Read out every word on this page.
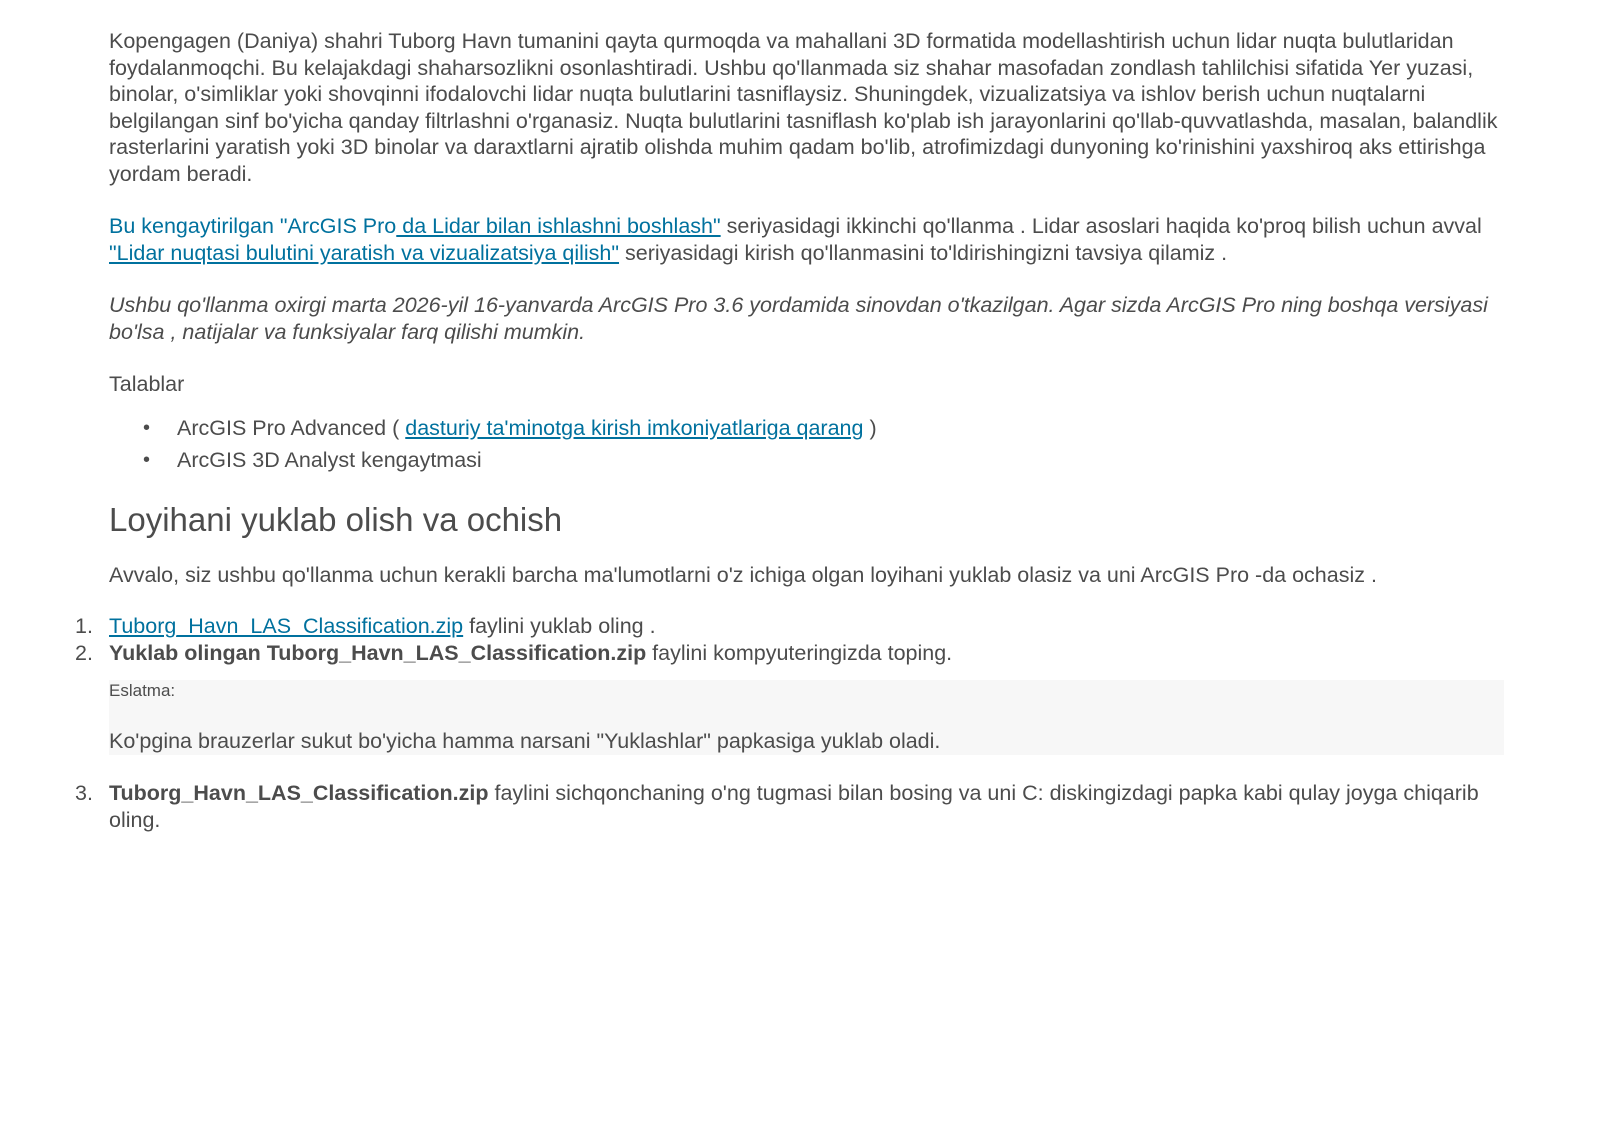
Kopengagen (Daniya) shahri Tuborg Havn tumanini qayta qurmoqda va mahallani 3D formatida modellashtirish uchun lidar nuqta bulutlaridan foydalanmoqchi. Bu kelajakdagi shaharsozlikni osonlashtiradi. Ushbu qo'llanmada siz shahar masofadan zondlash tahlilchisi sifatida Yer yuzasi, binolar, o'simliklar yoki shovqinni ifodalovchi lidar nuqta bulutlarini tasniflaysiz. Shuningdek, vizualizatsiya va ishlov berish uchun nuqtalarni belgilangan sinf bo'yicha qanday filtrlashni o'rganasiz. Nuqta bulutlarini tasniflash ko'plab ish jarayonlarini qo'llab-quvvatlashda, masalan, balandlik rasterlarini yaratish yoki 3D binolar va daraxtlarni ajratib olishda muhim qadam bo'lib, atrofimizdagi dunyoning ko'rinishini yaxshiroq aks ettirishga yordam beradi.

Bu kengaytirilgan "ArcGIS Pro da Lidar bilan ishlashni boshlash" seriyasidagi ikkinchi qo'llanma . Lidar asoslari haqida ko'proq bilish uchun avval "Lidar nuqtasi bulutini yaratish va vizualizatsiya qilish" seriyasidagi kirish qo'llanmasini to'ldirishingizni tavsiya qilamiz .

Ushbu qo'llanma oxirgi marta 2026-yil 16-yanvarda ArcGIS Pro 3.6 yordamida sinovdan o'tkazilgan. Agar sizda ArcGIS Pro ning boshqa versiyasi bo'lsa , natijalar va funksiyalar farq qilishi mumkin.

Talablar

• ArcGIS Pro Advanced ( dasturiy ta'minotga kirish imkoniyatlariga qarang )
• ArcGIS 3D Analyst kengaytmasi
Loyihani yuklab olish va ochish

Avvalo, siz ushbu qo'llanma uchun kerakli barcha ma'lumotlarni o'z ichiga olgan loyihani yuklab olasiz va uni ArcGIS Pro -da ochasiz .

1. Tuborg_Havn_LAS_Classification.zip faylini yuklab oling .
2. Yuklab olingan Tuborg_Havn_LAS_Classification.zip faylini kompyuteringizda toping.
Eslatma:
Ko'pgina brauzerlar sukut bo'yicha hamma narsani "Yuklashlar" papkasiga yuklab oladi.
3. Tuborg_Havn_LAS_Classification.zip faylini sichqonchaning o'ng tugmasi bilan bosing va uni C: diskingizdagi papka kabi qulay joyga chiqarib oling.
